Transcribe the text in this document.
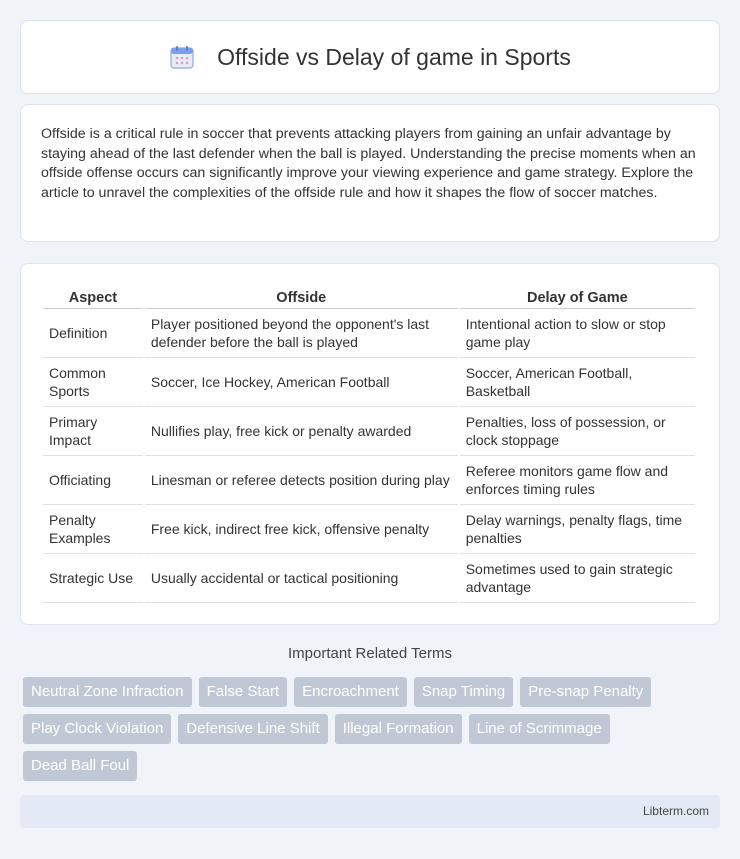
Offside vs Delay of game in Sports

Offside is a critical rule in soccer that prevents attacking players from gaining an unfair advantage by staying ahead of the last defender when the ball is played. Understanding the precise moments when an offside offense occurs can significantly improve your viewing experience and game strategy. Explore the article to unravel the complexities of the offside rule and how it shapes the flow of soccer matches.

Aspect	Offside	Delay of Game
Definition	Player positioned beyond the opponent's last defender before the ball is played	Intentional action to slow or stop game play
Common Sports	Soccer, Ice Hockey, American Football	Soccer, American Football, Basketball
Primary Impact	Nullifies play, free kick or penalty awarded	Penalties, loss of possession, or clock stoppage
Officiating	Linesman or referee detects position during play	Referee monitors game flow and enforces timing rules
Penalty Examples	Free kick, indirect free kick, offensive penalty	Delay warnings, penalty flags, time penalties
Strategic Use	Usually accidental or tactical positioning	Sometimes used to gain strategic advantage
Important Related Terms
Neutral Zone Infraction	False Start	Encroachment	Snap Timing	Pre-snap Penalty
Play Clock Violation	Defensive Line Shift	Illegal Formation	Line of Scrimmage
Dead Ball Foul
Libterm.com
